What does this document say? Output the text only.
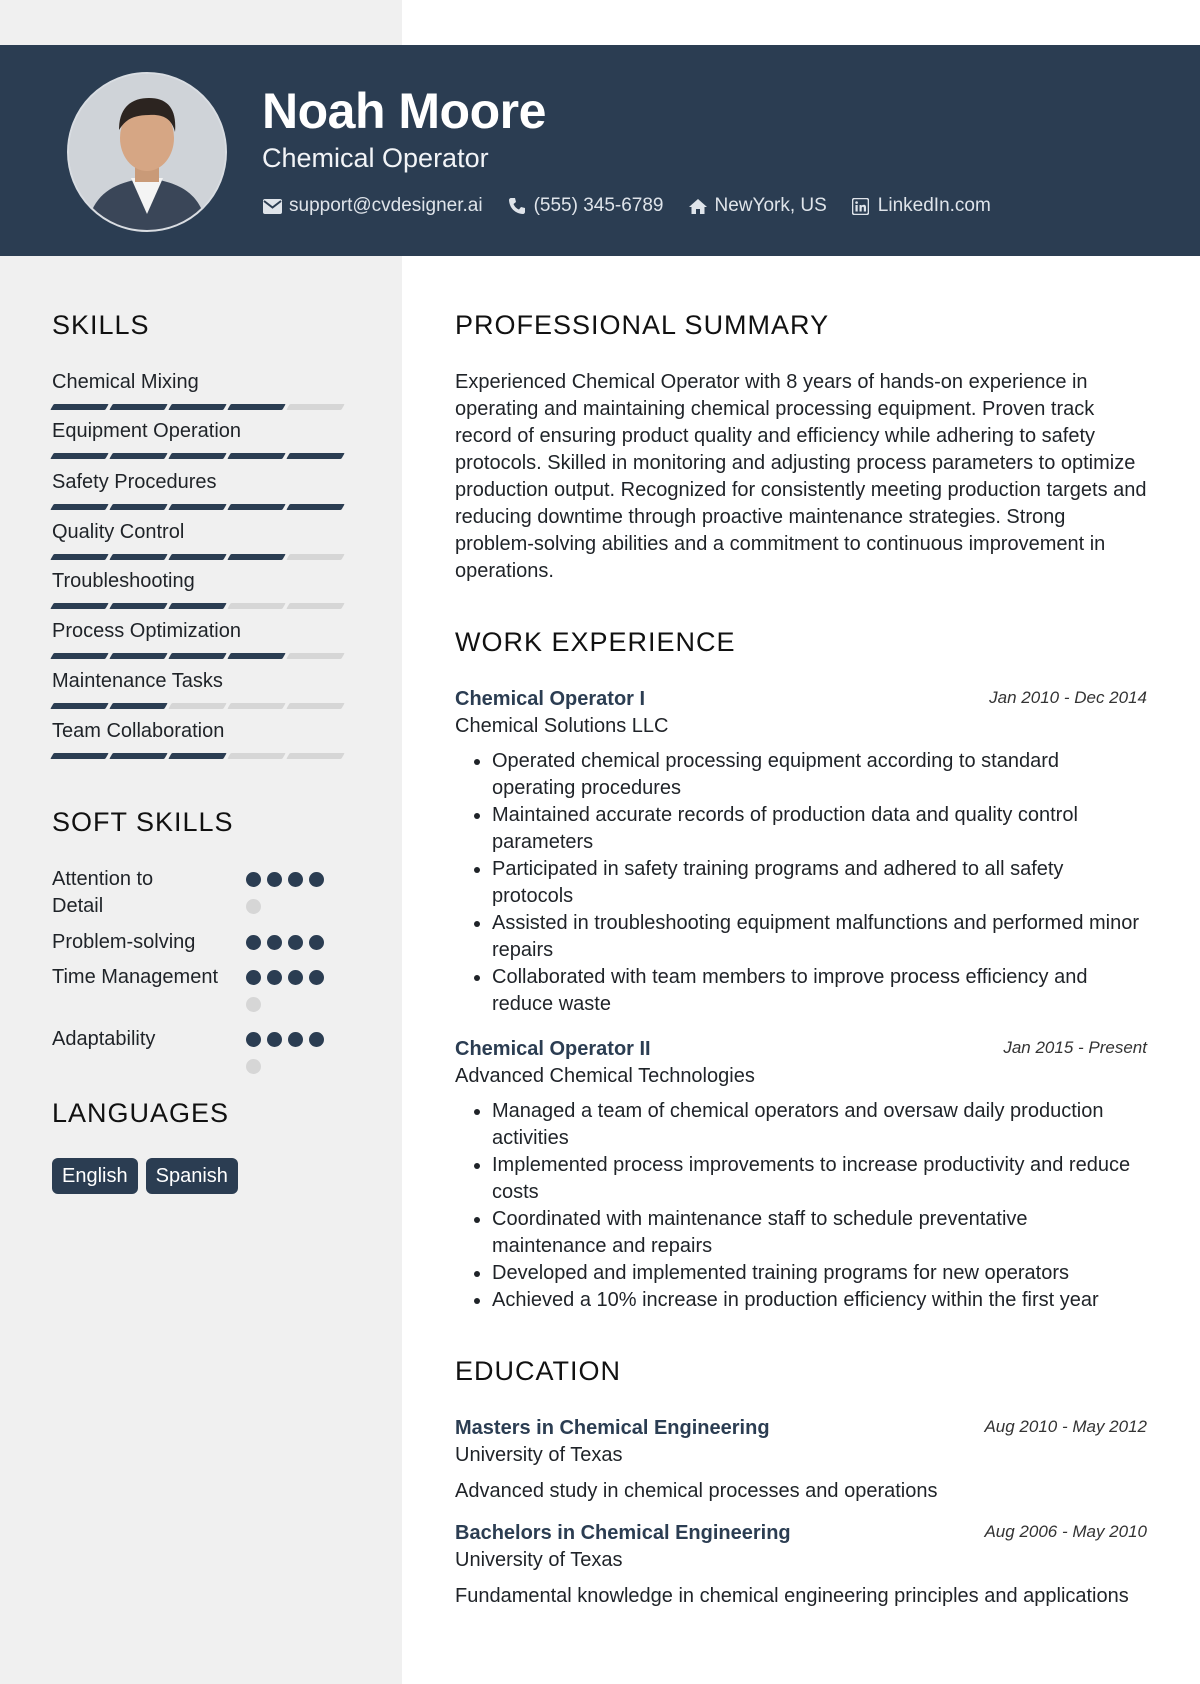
Noah Moore
Chemical Operator
support@cvdesigner.ai	(555) 345-6789	NewYork, US	LinkedIn.com
SKILLS
Chemical Mixing
Equipment Operation
Safety Procedures
Quality Control
Troubleshooting
Process Optimization
Maintenance Tasks
Team Collaboration
SOFT SKILLS
Attention to Detail
Problem-solving
Time Management
Adaptability
LANGUAGES
English	Spanish
PROFESSIONAL SUMMARY
Experienced Chemical Operator with 8 years of hands-on experience in operating and maintaining chemical processing equipment. Proven track record of ensuring product quality and efficiency while adhering to safety protocols. Skilled in monitoring and adjusting process parameters to optimize production output. Recognized for consistently meeting production targets and reducing downtime through proactive maintenance strategies. Strong problem-solving abilities and a commitment to continuous improvement in operations.
WORK EXPERIENCE
Chemical Operator I	Jan 2010 - Dec 2014
Chemical Solutions LLC
• Operated chemical processing equipment according to standard operating procedures
• Maintained accurate records of production data and quality control parameters
• Participated in safety training programs and adhered to all safety protocols
• Assisted in troubleshooting equipment malfunctions and performed minor repairs
• Collaborated with team members to improve process efficiency and reduce waste
Chemical Operator II	Jan 2015 - Present
Advanced Chemical Technologies
• Managed a team of chemical operators and oversaw daily production activities
• Implemented process improvements to increase productivity and reduce costs
• Coordinated with maintenance staff to schedule preventative maintenance and repairs
• Developed and implemented training programs for new operators
• Achieved a 10% increase in production efficiency within the first year
EDUCATION
Masters in Chemical Engineering	Aug 2010 - May 2012
University of Texas
Advanced study in chemical processes and operations
Bachelors in Chemical Engineering	Aug 2006 - May 2010
University of Texas
Fundamental knowledge in chemical engineering principles and applications
